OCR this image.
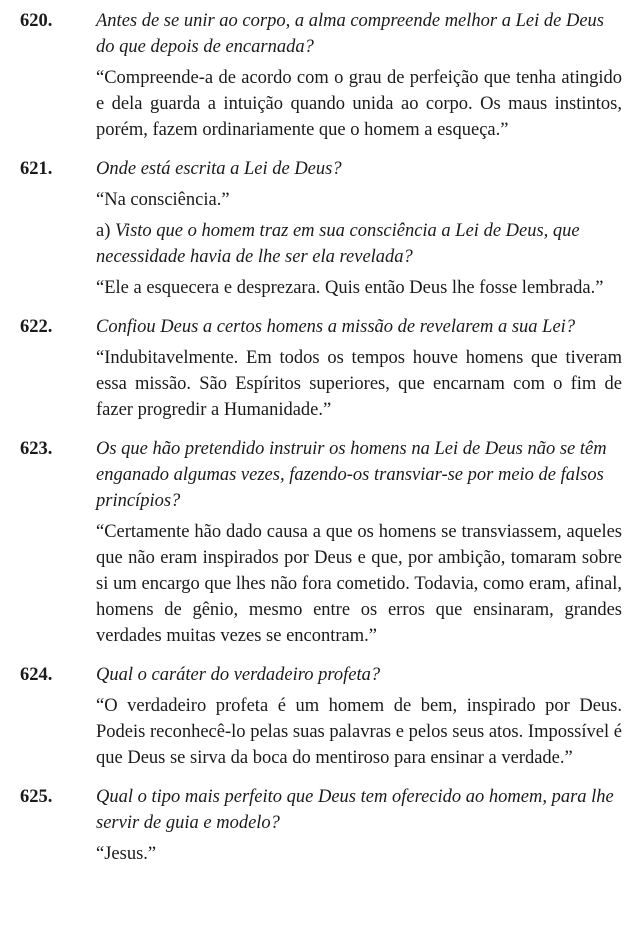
620.	Antes de se unir ao corpo, a alma compreende melhor a Lei de Deus do que depois de encarnada?
“Compreende-a de acordo com o grau de perfeição que tenha atingido e dela guarda a intuição quando unida ao corpo. Os maus instintos, porém, fazem ordinariamente que o homem a esqueça.”
621.	Onde está escrita a Lei de Deus?
“Na consciência.”
a) Visto que o homem traz em sua consciência a Lei de Deus, que necessidade havia de lhe ser ela revelada?
“Ele a esquecera e desprezara. Quis então Deus lhe fosse lembrada.”
622.	Confiou Deus a certos homens a missão de revelarem a sua Lei?
“Indubitavelmente. Em todos os tempos houve homens que tiveram essa missão. São Espíritos superiores, que encarnam com o fim de fazer progredir a Humanidade.”
623.	Os que hão pretendido instruir os homens na Lei de Deus não se têm enganado algumas vezes, fazendo-os transviar-se por meio de falsos princípios?
“Certamente hão dado causa a que os homens se transviassem, aqueles que não eram inspirados por Deus e que, por ambição, tomaram sobre si um encargo que lhes não fora cometido. Todavia, como eram, afinal, homens de gênio, mesmo entre os erros que ensinaram, grandes verdades muitas vezes se encontram.”
624.	Qual o caráter do verdadeiro profeta?
“O verdadeiro profeta é um homem de bem, inspirado por Deus. Podeis reconhecê-lo pelas suas palavras e pelos seus atos. Impossível é que Deus se sirva da boca do mentiroso para ensinar a verdade.”
625.	Qual o tipo mais perfeito que Deus tem oferecido ao homem, para lhe servir de guia e modelo?
“Jesus.”
